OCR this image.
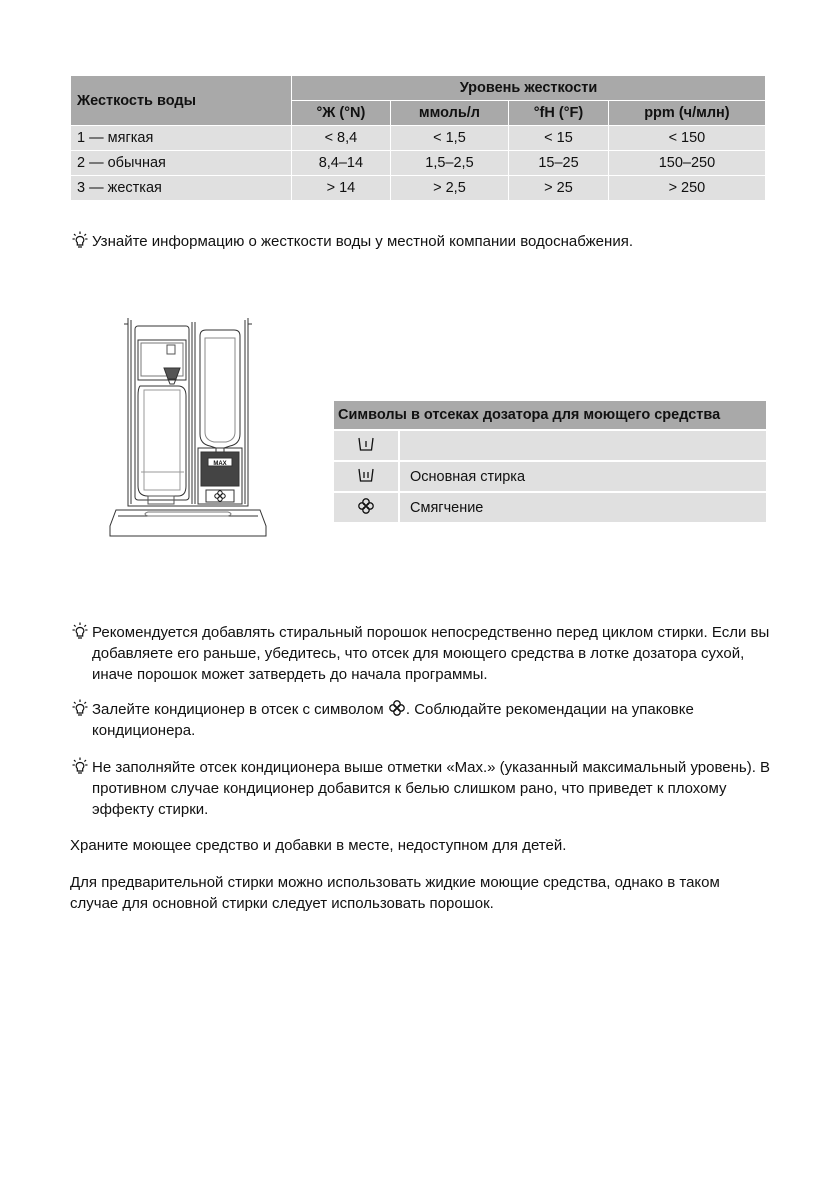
Жесткость воды	Уровень жесткости			
	°Ж (°N)	ммоль/л	°fH (°F)	ppm (ч/млн)
1 — мягкая	< 8,4	< 1,5	< 15	< 150
2 — обычная	8,4–14	1,5–2,5	15–25	150–250
3 — жесткая	> 14	> 2,5	> 25	> 250
Узнайте информацию о жесткости воды у местной компании водоснабжения.
MAX
Символы в отсеках дозатора для моющего средства	

	Основная стирка
	Смягчение
Рекомендуется добавлять стиральный порошок непосредственно перед циклом стирки. Если вы добавляете его раньше, убедитесь, что отсек для моющего средства в лотке дозатора сухой, иначе порошок может затвердеть до начала программы.
Залейте кондиционер в отсек с символом . Соблюдайте рекомендации на упаковке кондиционера.
Не заполняйте отсек кондиционера выше отметки «Max.» (указанный максимальный уровень). В противном случае кондиционер добавится к белью слишком рано, что приведет к плохому эффекту стирки.

Храните моющее средство и добавки в месте, недоступном для детей.

Для предварительной стирки можно использовать жидкие моющие средства, однако в таком случае для основной стирки следует использовать порошок.
